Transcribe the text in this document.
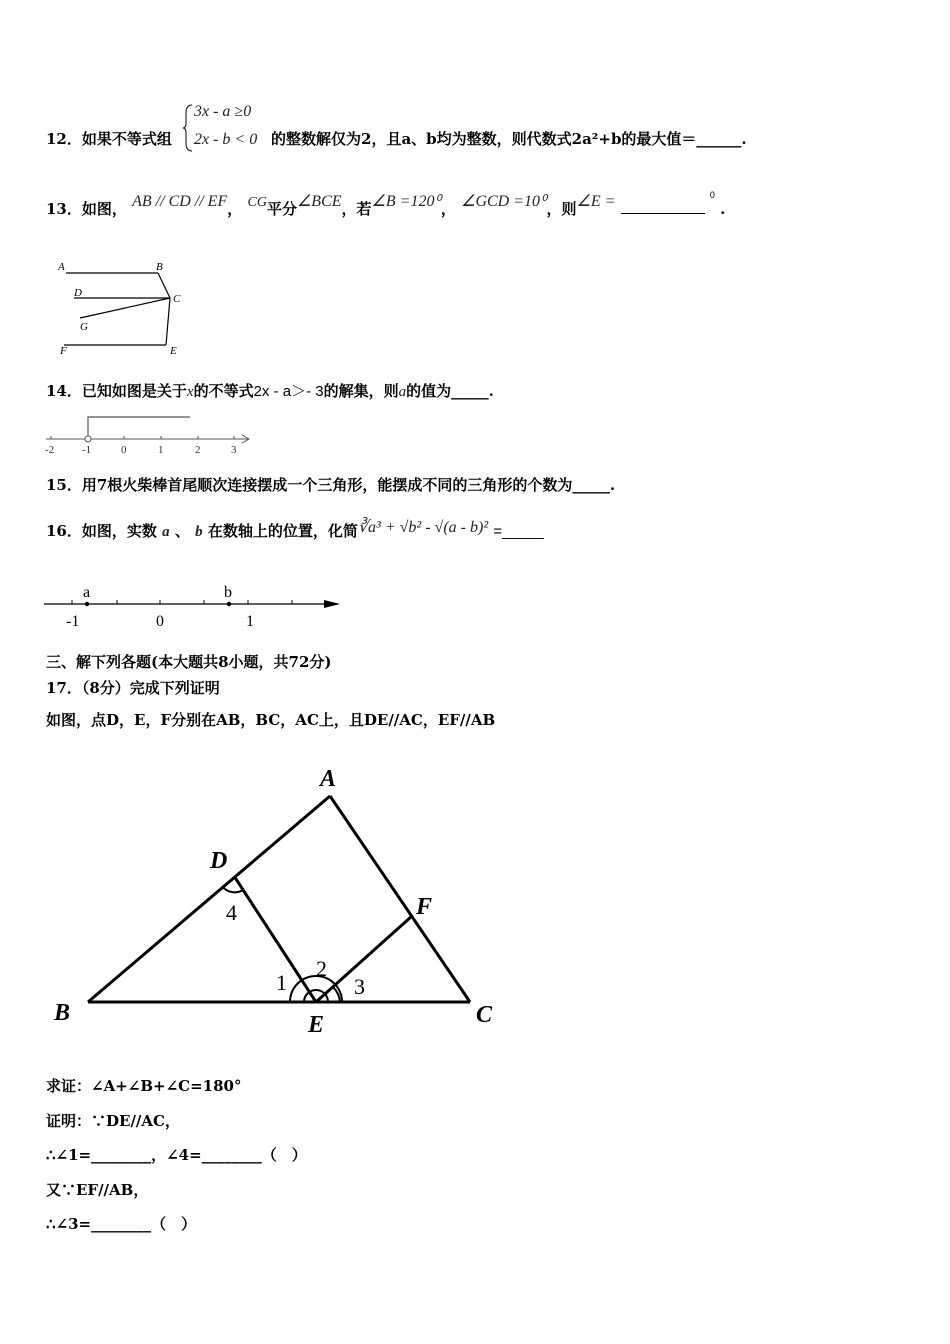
12．如果不等式组
3x - a ≥0
2x - b < 0 的整数解仅为2，且a、b均为整数，则代数式2a²+b的最大值＝______.
13．如图， AB // CD // EF， CG平分∠BCE，若∠B =120⁰， ∠GCD =10⁰，则∠E =	$^0$ .
A	B
D	C
G
F	E
14．已知如图是关于x的不等式2x - a＞- 3的解集，则a的值为_____.
-2	-1	0	1	2	3
15．用7根火柴棒首尾顺次连接摆成一个三角形，能摆成不同的三角形的个数为_____.
16．如图，实数 a 、 b 在数轴上的位置，化简∛a³ + √b² - √(a - b)² =_____
a	b
-1	0	1
三、解下列各题(本大题共8小题，共72分)
17．（8分）完成下列证明
如图，点D，E，F分别在AB，BC，AC上，且DE//AC，EF//AB
A
D
F
B	E	C
1
2
3
4
求证：∠A+∠B+∠C=180°
证明：∵DE//AC，
∴∠1=________，∠4=________（　）
又∵EF//AB，
∴∠3=________（　）
